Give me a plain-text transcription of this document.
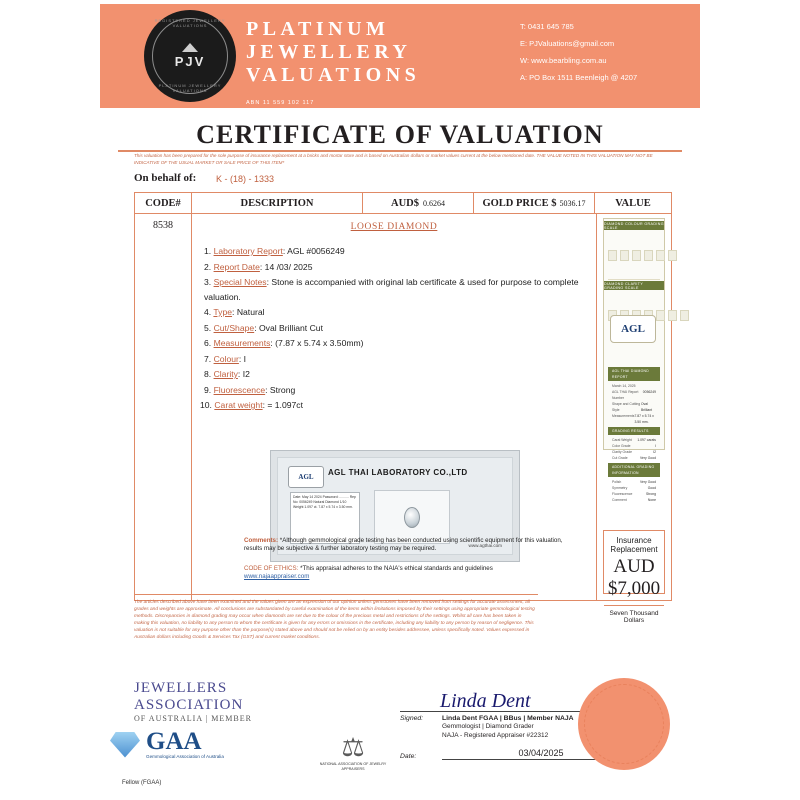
REGISTERED JEWELLERY VALUATIONS
PJV
PLATINUM JEWELLERY VALUATIONS
PLATINUM
JEWELLERY
VALUATIONS
ABN 11 559 102 117
T: 0431 645 785
E: PJValuations@gmail.com
W: www.bearbling.com.au
A: PO Box 1511 Beenleigh @ 4207
CERTIFICATE OF VALUATION
This valuation has been prepared for the sole purpose of insurance replacement at a bricks and mortar store and is based on Australian dollars or market values current at the below mentioned date. THE VALUE NOTED IN THIS VALUATION MAY NOT BE INDICATIVE OF THE USUAL MARKET OR SALE PRICE OF THIS ITEM*
On behalf of: K - (18) - 1333
CODE#	DESCRIPTION	AUD$ 0.6264	GOLD PRICE $ 5036.17	VALUE
8538	LOOSE DIAMOND
1. Laboratory Report: AGL #0056249
2. Report Date: 14 /03/ 2025
3. Special Notes: Stone is accompanied with original lab certificate & used for purpose to complete valuation.
4. Type: Natural
5. Cut/Shape: Oval Brilliant Cut
6. Measurements: (7.87 x 5.74 x 3.50mm)
7. Colour: I
8. Clarity: I2
9. Fluorescence: Strong
10. Carat weight: = 1.097ct
AGL	AGL THAI LABORATORY CO.,LTD
Date: May 14 2024 Password: .......... Rep No: 0056249 Natural Diamond 1/10 Weight 1.097 ct. 7.87 x 5.74 x 3.50 mm.
www.agthai.com
Comments: *Although gemmological grade testing has been conducted using scientific equipment for this valuation, results may be subjective & further laboratory testing may be required.
CODE OF ETHICS: *This appraisal adheres to the NAIA's ethical standards and guidelines
www.najaappraiser.com
DIAMOND COLOUR GRADING SCALE
DIAMOND CLARITY GRADING SCALE
AGL
AGL THAI DIAMOND REPORT
March 14, 2025
AGL THAI Report Number
0056249
Shape and Cutting Style
Oval Brilliant
Measurements 7.87 x 5.74 x 3.50 mm.
GRADING RESULTS
Carat Weight 1.097 carats
Color Grade	I
Clarity Grade	I2
Cut Grade	Very Good
ADDITIONAL GRADING INFORMATION
Polish	Very Good
Symmetry	Good
Fluorescence	Strong
Comment	None
Insurance Replacement
AUD $7,000
Seven Thousand Dollars
The articles described above have been examined and the values given are an expression of our opinion unless gemstones have been removed from settings for accurate assessment, all grades and weights are approximate. All conclusions are substantiated by careful examination of the items within limitations imposed by their settings using appropriate gemmological testing methods. Discrepancies in diamond grading may occur when diamonds are set due to the colour of the precious metal and restrictions of the settings. Whilst all care has been taken in making this valuation, no liability to any person to whom the certificate is given for any errors or omissions in the certificate, including any liability to any person by reason of negligence. This valuation is not suitable for any purpose other than the purpose(s) stated above and should not be relied on by an entity besides addressee, unless specifically noted. Values expressed in Australian dollars including Goods & Services Tax (GST) and current market conditions.
JEWELLERS
ASSOCIATION
OF AUSTRALIA | MEMBER
GAA
Gemmological Association of Australia
Fellow (FGAA)
⚖
NATIONAL ASSOCIATION OF JEWELRY APPRAISERS
Linda Dent
Signed:	Linda Dent FGAA | BBus | Member NAJA
Gemmologist | Diamond Grader
NAJA - Registered Appraiser #22312
Date:	03/04/2025
